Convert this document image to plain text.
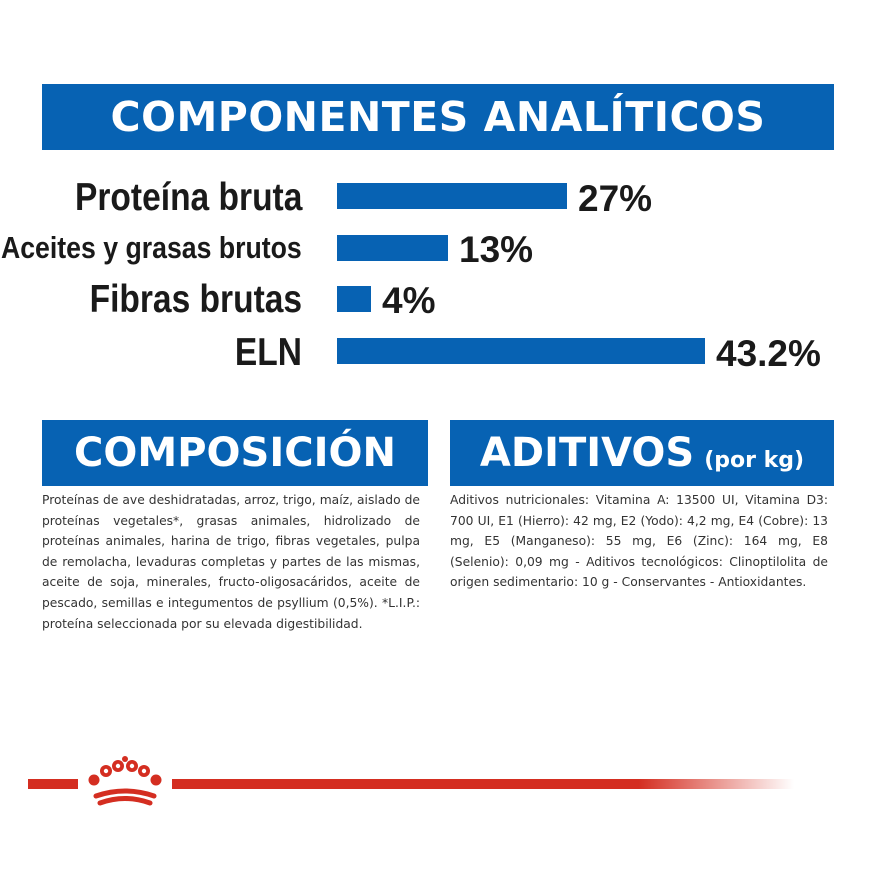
COMPONENTES ANALÍTICOS
Proteína bruta	27%
Aceites y grasas brutos	13%
Fibras brutas 4%
ELN	43.2%
COMPOSICIÓN

Proteínas de ave deshidratadas, arroz, trigo, maíz, aislado de proteínas vegetales*, grasas animales, hidrolizado de proteínas animales, harina de trigo, fibras vegetales, pulpa de remolacha, levaduras completas y partes de las mismas, aceite de soja, minerales, fructo-oligosacáridos, aceite de pescado, semillas e integumentos de psyllium (0,5%). *L.I.P.: proteína seleccionada por su elevada digestibilidad.

ADITIVOS (por kg)

Aditivos nutricionales: Vitamina A: 13500 UI, Vitamina D3: 700 UI, E1 (Hierro): 42 mg, E2 (Yodo): 4,2 mg, E4 (Cobre): 13 mg, E5 (Manganeso): 55 mg, E6 (Zinc): 164 mg, E8 (Selenio): 0,09 mg - Aditivos tecnológicos: Clinoptilolita de origen sedimentario: 10 g - Conservantes - Antioxidantes.
